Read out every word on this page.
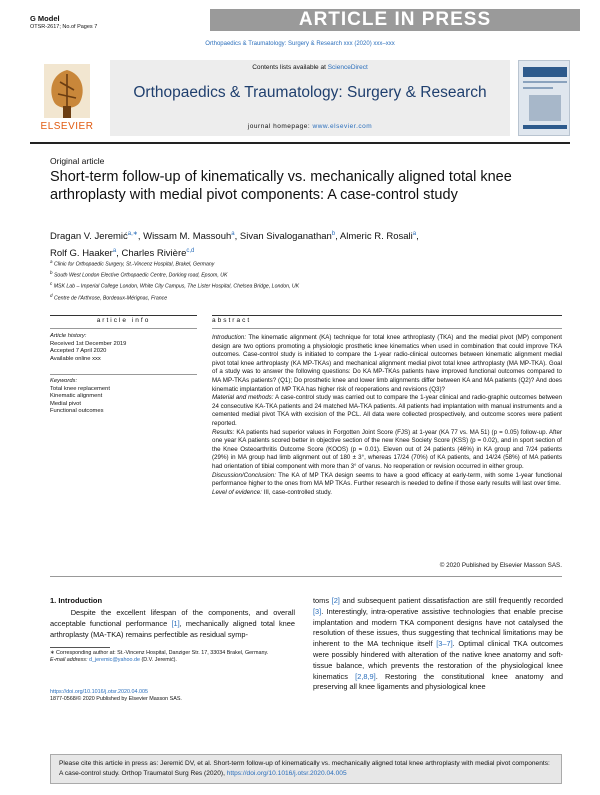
G Model
OTSR-2617; No.of Pages 7	ARTICLE IN PRESS
Orthopaedics & Traumatology: Surgery & Research xxx (2020) xxx–xxx
ELSEVIER
Contents lists available at ScienceDirect
Orthopaedics & Traumatology: Surgery & Research
journal homepage: www.elsevier.com
Original article
Short-term follow-up of kinematically vs. mechanically aligned total knee arthroplasty with medial pivot components: A case-control study
Dragan V. Jeremić$^{a,∗}$, Wissam M. Massouh$^a$, Sivan Sivaloganathan$^b$, Almeric R. Rosali$^a$,
Rolf G. Haaker$^a$, Charles Rivière$^{c,d}$
$^a$ Clinic for Orthopaedic Surgery, St.-Vincenz Hospital, Brakel, Germany
$^b$ South West London Elective Orthopaedic Centre, Dorking road, Epsom, UK
$^c$ MSK Lab – Imperial College London, White City Campus, The Lister Hospital, Chelsea Bridge, London, UK
$^d$ Centre de l'Arthrose, Bordeaux-Mérignac, France
article info	abstract
Article history:
Received 1st December 2019
Accepted 7 April 2020
Available online xxx
Keywords:
Total knee replacement
Kinematic alignment
Medial pivot
Functional outcomes
Introduction: The kinematic alignment (KA) technique for total knee arthroplasty (TKA) and the medial pivot (MP) component design are two options promoting a physiologic prosthetic knee kinematics when used in combination that could improve TKA outcomes. Case-control study is initiated to compare the 1-year radio-clinical outcomes between kinematic alignment medial pivot total knee arthroplasty (KA MP-TKAs) and mechanical alignment medial pivot total knee arthroplasty (MA MP-TKA). Goal of a study was to answer the following questions: Do KA MP-TKAs patients have improved functional outcomes compared to MA MP-TKAs patients? (Q1); Do prosthetic knee and lower limb alignments differ between KA and MA patients (Q2)? And does kinematic implantation of MP TKA has higher risk of reoperations and revisions (Q3)?
Material and methods: A case-control study was carried out to compare the 1-year clinical and radio-graphic outcomes between 24 consecutive KA-TKA patients and 24 matched MA-TKA patients. All patients had implantation with manual instruments and a cemented medial pivot TKA with excision of the PCL. All data were collected prospectively, and outcome scores were patient reported.
Results: KA patients had superior values in Forgotten Joint Score (FJS) at 1-year (KA 77 vs. MA 51) (p = 0.05) follow-up. After one year KA patients scored better in objective section of the new Knee Society Score (KSS) (p = 0.02), and in sport section of the Knee Osteoarthritis Outcome Score (KOOS) (p = 0.01). Eleven out of 24 patients (46%) in KA group and 7/24 patients (29%) in MA group had limb alignment out of 180 ± 3°, whereas 17/24 (70%) of KA patients, and 14/24 (58%) of MA patients had orientation of tibial component with more than 3° of varus. No reoperation or revision occurred in either group.
Discussion/Conclusion: The KA of MP TKA design seems to have a good efficacy at early-term, with some 1-year functional performance higher to the ones from MA MP TKAs. Further research is needed to define if those early results will last over time.
Level of evidence: III, case-controlled study.
© 2020 Published by Elsevier Masson SAS.
1. Introduction
Despite the excellent lifespan of the components, and overall acceptable functional performance [1], mechanically aligned total knee arthroplasty (MA-TKA) remains perfectible as residual symp-
toms [2] and subsequent patient dissatisfaction are still frequently recorded [3]. Interestingly, intra-operative assistive technologies that enable precise implantation and modern TKA component designs have not catalysed the resolution of these issues, thus suggesting that technical limitations may be inherent to the MA technique itself [3–7]. Optimal clinical TKA outcomes were possibly hindered with alteration of the native knee anatomy and soft-tissue balance, which prevents the restoration of the physiological knee kinematics [2,8,9]. Restoring the constitutional knee anatomy and preserving all knee ligaments and physiological knee
∗ Corresponding author at: St.-Vincenz Hospital, Danziger Str. 17, 33034 Brakel, Germany.
E-mail address: d_jeremic@yahoo.de (D.V. Jeremić).
https://doi.org/10.1016/j.otsr.2020.04.005
1877-0568/© 2020 Published by Elsevier Masson SAS.
Please cite this article in press as: Jeremić DV, et al. Short-term follow-up of kinematically vs. mechanically aligned total knee arthroplasty with medial pivot components: A case-control study. Orthop Traumatol Surg Res (2020), https://doi.org/10.1016/j.otsr.2020.04.005
